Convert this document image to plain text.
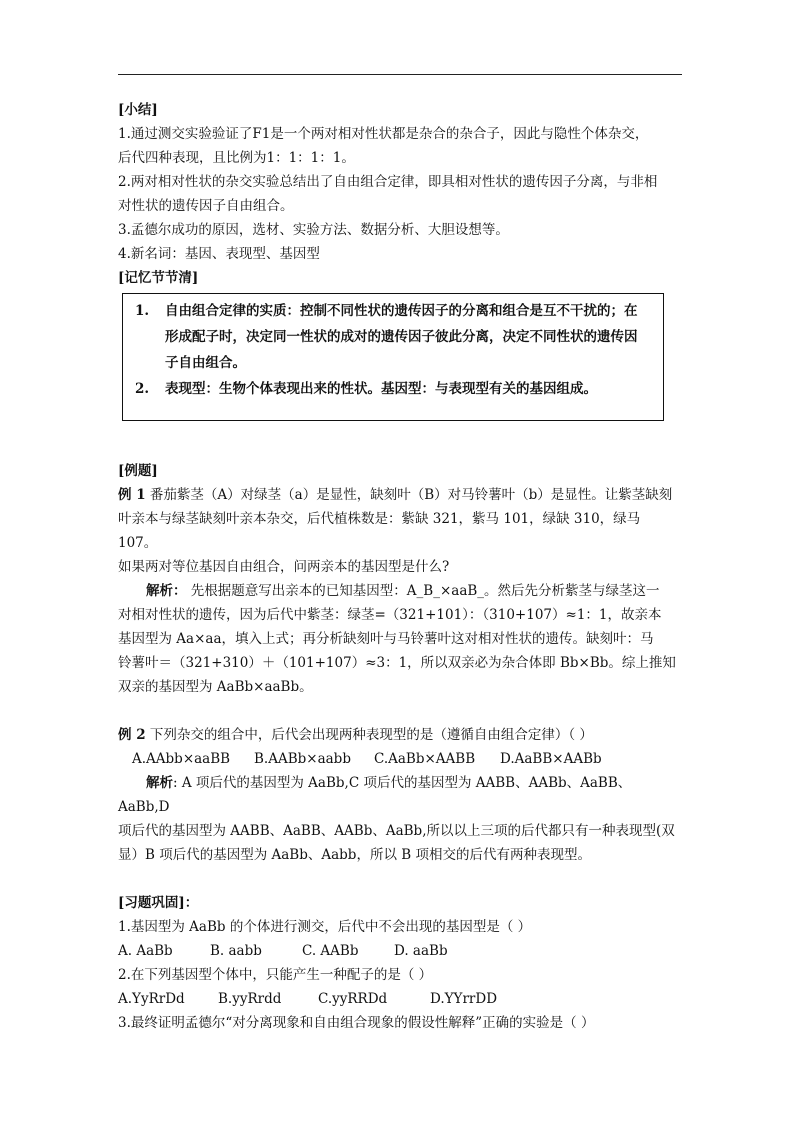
[小结]

1.通过测交实验验证了F1是一个两对相对性状都是杂合的杂合子，因此与隐性个体杂交，

后代四种表现，且比例为1：1：1：1。

2.两对相对性状的杂交实验总结出了自由组合定律，即具相对性状的遗传因子分离，与非相

对性状的遗传因子自由组合。

3.孟德尔成功的原因，选材、实验方法、数据分析、大胆设想等。

4.新名词：基因、表现型、基因型

[记忆节节清]

1.	自由组合定律的实质：控制不同性状的遗传因子的分离和组合是互不干扰的；在
形成配子时，决定同一性状的成对的遗传因子彼此分离，决定不同性状的遗传因
子自由组合。
2.	表现型：生物个体表现出来的性状。基因型：与表现型有关的基因组成。

[例题]

例 1 番茄紫茎（A）对绿茎（a）是显性，缺刻叶（B）对马铃薯叶（b）是显性。让紫茎缺刻

叶亲本与绿茎缺刻叶亲本杂交，后代植株数是：紫缺 321，紫马 101，绿缺 310，绿马 107。

如果两对等位基因自由组合，问两亲本的基因型是什么?

解析： 先根据题意写出亲本的已知基因型：A_B_×aaB_。然后先分析紫茎与绿茎这一

对相对性状的遗传，因为后代中紫茎：绿茎=（321+101）：（310+107）≈1：1，故亲本

基因型为 Aa×aa，填入上式；再分析缺刻叶与马铃薯叶这对相对性状的遗传。缺刻叶：马

铃薯叶＝（321+310）＋（101+107）≈3：1，所以双亲必为杂合体即 Bb×Bb。综上推知

双亲的基因型为 AaBb×aaBb。

例 2 下列杂交的组合中，后代会出现两种表现型的是（遵循自由组合定律）（ ）

A.AAbb×aaBB	B.AABb×aabb	C.AaBb×AABB	D.AaBB×AABb

解析: A 项后代的基因型为 AaBb,C 项后代的基因型为 AABB、AABb、AaBB、AaBb,D

项后代的基因型为 AABB、AaBB、AABb、AaBb,所以以上三项的后代都只有一种表现型(双

显）B 项后代的基因型为 AaBb、Aabb，所以 B 项相交的后代有两种表现型。

[习题巩固]：

1.基因型为 AaBb 的个体进行测交，后代中不会出现的基因型是（ ）

A. AaBb	B. aabb	C. AABb	D. aaBb

2.在下列基因型个体中，只能产生一种配子的是（ ）

A.YyRrDd	B.yyRrdd	C.yyRRDd	D.YYrrDD

3.最终证明孟德尔“对分离现象和自由组合现象的假设性解释”正确的实验是（ ）
